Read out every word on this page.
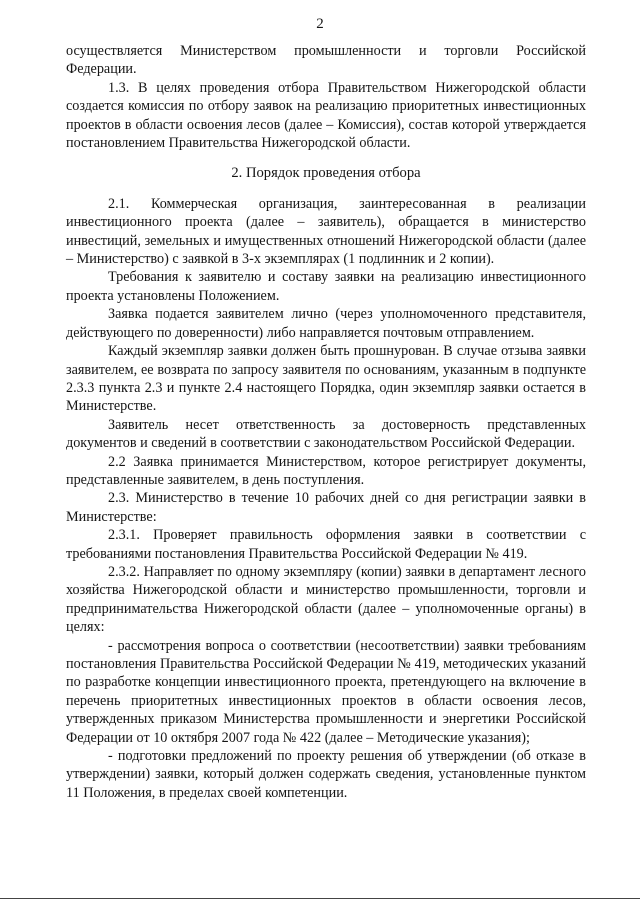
2

осуществляется Министерством промышленности и торговли Российской Федерации.

1.3. В целях проведения отбора Правительством Нижегородской области создается комиссия по отбору заявок на реализацию приоритетных инвестиционных проектов в области освоения лесов (далее – Комиссия), состав которой утверждается постановлением Правительства Нижегородской области.

2. Порядок проведения отбора

2.1. Коммерческая организация, заинтересованная в реализации инвестиционного проекта (далее – заявитель), обращается в министерство инвестиций, земельных и имущественных отношений Нижегородской области (далее – Министерство) с заявкой в 3-х экземплярах (1 подлинник и 2 копии).

Требования к заявителю и составу заявки на реализацию инвестиционного проекта установлены Положением.

Заявка подается заявителем лично (через уполномоченного представителя, действующего по доверенности) либо направляется почтовым отправлением.

Каждый экземпляр заявки должен быть прошнурован. В случае отзыва заявки заявителем, ее возврата по запросу заявителя по основаниям, указанным в подпункте 2.3.3 пункта 2.3 и пункте 2.4 настоящего Порядка, один экземпляр заявки остается в Министерстве.

Заявитель несет ответственность за достоверность представленных документов и сведений в соответствии с законодательством Российской Федерации.

2.2 Заявка принимается Министерством, которое регистрирует документы, представленные заявителем, в день поступления.

2.3. Министерство в течение 10 рабочих дней со дня регистрации заявки в Министерстве:

2.3.1. Проверяет правильность оформления заявки в соответствии с требованиями постановления Правительства Российской Федерации № 419.

2.3.2. Направляет по одному экземпляру (копии) заявки в департамент лесного хозяйства Нижегородской области и министерство промышленности, торговли и предпринимательства Нижегородской области (далее – уполномоченные органы) в целях:

- рассмотрения вопроса о соответствии (несоответствии) заявки требованиям постановления Правительства Российской Федерации № 419, методических указаний по разработке концепции инвестиционного проекта, претендующего на включение в перечень приоритетных инвестиционных проектов в области освоения лесов, утвержденных приказом Министерства промышленности и энергетики Российской Федерации от 10 октября 2007 года № 422 (далее – Методические указания);

- подготовки предложений по проекту решения об утверждении (об отказе в утверждении) заявки, который должен содержать сведения, установленные пунктом 11 Положения, в пределах своей компетенции.
